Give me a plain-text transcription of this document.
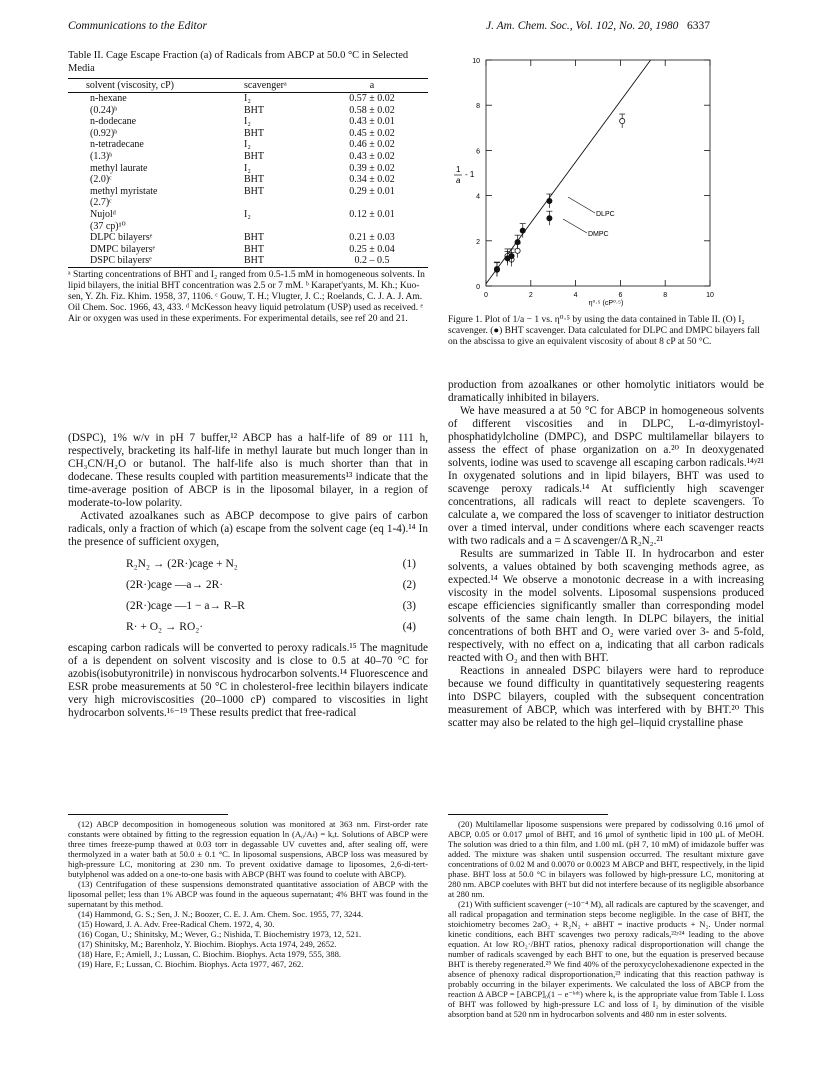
Communications to the Editor	J. Am. Chem. Soc., Vol. 102, No. 20, 1980 6337
Table II. Cage Escape Fraction (a) of Radicals from ABCP at 50.0 °C in Selected Media
solvent (viscosity, cP)	scavengerᵃ	a
n-hexane	I₂	0.57 ± 0.02
(0.24)ᵇ	BHT	0.58 ± 0.02
n-dodecane	I₂	0.43 ± 0.01
(0.92)ᵇ	BHT	0.45 ± 0.02
n-tetradecane	I₂	0.46 ± 0.02
(1.3)ᵇ	BHT	0.43 ± 0.02
methyl laurate	I₂	0.39 ± 0.02
(2.0)ᶜ	BHT	0.34 ± 0.02
methyl myristate	BHT	0.29 ± 0.01
(2.7)ᶜ		
Nujolᵈ	I₂	0.12 ± 0.01
(37 cp)¹⁰		
DLPC bilayersᵉ	BHT	0.21 ± 0.03
DMPC bilayersᵉ	BHT	0.25 ± 0.04
DSPC bilayersᵉ	BHT	0.2 – 0.5
ᵃ Starting concentrations of BHT and I₂ ranged from 0.5-1.5 mM in homogeneous solvents. In lipid bilayers, the initial BHT concentration was 2.5 or 7 mM. ᵇ Karapet'yants, M. Kh.; Kuo-sen, Y. Zh. Fiz. Khim. 1958, 37, 1106. ᶜ Gouw, T. H.; Vlugter, J. C.; Roelands, C. J. A. J. Am. Oil Chem. Soc. 1966, 43, 433. ᵈ McKesson heavy liquid petrolatum (USP) used as received. ᵉ Air or oxygen was used in these experiments. For experimental details, see ref 20 and 21.
(DSPC), 1% w/v in pH 7 buffer,¹² ABCP has a half-life of 89 or 111 h, respectively, bracketing its half-life in methyl laurate but much longer than in CH₃CN/H₂O or butanol. The half-life also is much shorter than that in dodecane. These results coupled with partition measurements¹³ indicate that the time-average position of ABCP is in the liposomal bilayer, in a region of moderate-to-low polarity.
Activated azoalkanes such as ABCP decompose to give pairs of carbon radicals, only a fraction of which (a) escape from the solvent cage (eq 1-4).¹⁴ In the presence of sufficient oxygen,
R₂N₂ → (2R·)cage + N₂	(1)
(2R·)cage —a→ 2R·	(2)
(2R·)cage —1 − a→ R–R	(3)
R· + O₂ → RO₂·	(4)
escaping carbon radicals will be converted to peroxy radicals.¹⁵ The magnitude of a is dependent on solvent viscosity and is close to 0.5 at 40–70 °C for azobis(isobutyronitrile) in nonviscous hydrocarbon solvents.¹⁴ Fluorescence and ESR probe measurements at 50 °C in cholesterol-free lecithin bilayers indicate very high microviscosities (20–1000 cP) compared to viscosities in light hydrocarbon solvents.¹⁶⁻¹⁹ These results predict that free-radical
(12) ABCP decomposition in homogeneous solution was monitored at 363 nm. First-order rate constants were obtained by fitting to the regression equation ln (A₀/Aₜ) = kₐt. Solutions of ABCP were three times freeze-pump thawed at 0.03 torr in degassable UV cuvettes and, after sealing off, were thermolyzed in a water bath at 50.0 ± 0.1 °C. In liposomal suspensions, ABCP loss was measured by high-pressure LC, monitoring at 230 nm. To prevent oxidative damage to liposomes, 2,6-di-tert-butylphenol was added on a one-to-one basis with ABCP (BHT was found to coelute with ABCP).
(13) Centrifugation of these suspensions demonstrated quantitative association of ABCP with the liposomal pellet; less than 1% ABCP was found in the aqueous supernatant; 4% BHT was found in the supernatant by this method.
(14) Hammond, G. S.; Sen, J. N.; Boozer, C. E. J. Am. Chem. Soc. 1955, 77, 3244.
(15) Howard, J. A. Adv. Free-Radical Chem. 1972, 4, 30.
(16) Cogan, U.; Shinitsky, M.; Wever, G.; Nishida, T. Biochemistry 1973, 12, 521.
(17) Shinitsky, M.; Barenholz, Y. Biochim. Biophys. Acta 1974, 249, 2652.
(18) Hare, F.; Amiell, J.; Lussan, C. Biochim. Biophys. Acta 1979, 555, 388.
(19) Hare, F.; Lussan, C. Biochim. Biophys. Acta 1977, 467, 262.
0	2	4	6	8	10
0
2
4
6
8
10
1
a
- 1
η⁰·⁵ (cP⁰·⁵)
DLPC
DMPC
Figure 1. Plot of 1/a − 1 vs. η⁰·⁵ by using the data contained in Table II. (O) I₂ scavenger. (●) BHT scavenger. Data calculated for DLPC and DMPC bilayers fall on the abscissa to give an equivalent viscosity of about 8 cP at 50 °C.
production from azoalkanes or other homolytic initiators would be dramatically inhibited in bilayers.
We have measured a at 50 °C for ABCP in homogeneous solvents of different viscosities and in DLPC, L-α-dimyristoyl-phosphatidylcholine (DMPC), and DSPC multilamellar bilayers to assess the effect of phase organization on a.²⁰ In deoxygenated solvents, iodine was used to scavenge all escaping carbon radicals.¹⁴ʸ²¹ In oxygenated solutions and in lipid bilayers, BHT was used to scavenge peroxy radicals.¹⁴ At sufficiently high scavenger concentrations, all radicals will react to deplete scavengers. To calculate a, we compared the loss of scavenger to initiator destruction over a timed interval, under conditions where each scavenger reacts with two radicals and a = Δ scavenger/Δ R₂N₂.²¹
Results are summarized in Table II. In hydrocarbon and ester solvents, a values obtained by both scavenging methods agree, as expected.¹⁴ We observe a monotonic decrease in a with increasing viscosity in the model solvents. Liposomal suspensions produced escape efficiencies significantly smaller than corresponding model solvents of the same chain length. In DLPC bilayers, the initial concentrations of both BHT and O₂ were varied over 3- and 5-fold, respectively, with no effect on a, indicating that all carbon radicals reacted with O₂ and then with BHT.
Reactions in annealed DSPC bilayers were hard to reproduce because we found difficulty in quantitatively sequestering reagents into DSPC bilayers, coupled with the subsequent concentration measurement of ABCP, which was interfered with by BHT.²⁰ This scatter may also be related to the high gel–liquid crystalline phase
(20) Multilamellar liposome suspensions were prepared by codissolving 0.16 μmol of ABCP, 0.05 or 0.017 μmol of BHT, and 16 μmol of synthetic lipid in 100 μL of MeOH. The solution was dried to a thin film, and 1.00 mL (pH 7, 10 mM) of imidazole buffer was added. The mixture was shaken until suspension occurred. The resultant mixture gave concentrations of 0.02 M and 0.0070 or 0.0023 M ABCP and BHT, respectively, in the lipid phase. BHT loss at 50.0 °C in bilayers was followed by high-pressure LC, monitoring at 280 nm. ABCP coelutes with BHT but did not interfere because of its negligible absorbance at 280 nm.
(21) With sufficient scavenger (~10⁻⁴ M), all radicals are captured by the scavenger, and all radical propagation and termination steps become negligible. In the case of BHT, the stoichiometry becomes 2aO₂ + R₂N₂ + aBHT = inactive products + N₂. Under normal kinetic conditions, each BHT scavenges two peroxy radicals,²²ʸ²⁴ leading to the above equation. At low RO₂·/BHT ratios, phenoxy radical disproportionation will change the number of radicals scavenged by each BHT to one, but the equation is preserved because BHT is thereby regenerated.²⁵ We find 40% of the peroxycyclohexadienone expected in the absence of phenoxy radical disproportionation,²³ indicating that this reaction pathway is probably occurring in the bilayer experiments. We calculated the loss of ABCP from the reaction Δ ABCP = [ABCP]₀(1 − e⁻ᵏᵈᵗ) where kₐ is the appropriate value from Table I. Loss of BHT was followed by high-pressure LC and loss of I₂ by diminution of the visible absorption band at 520 nm in hydrocarbon solvents and 480 nm in ester solvents.
